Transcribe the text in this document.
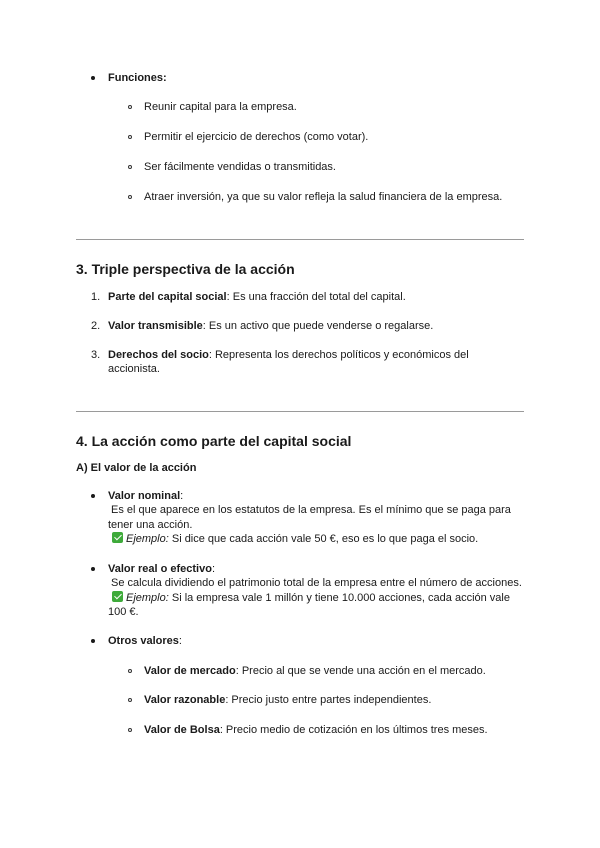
Funciones:
Reunir capital para la empresa.
Permitir el ejercicio de derechos (como votar).
Ser fácilmente vendidas o transmitidas.
Atraer inversión, ya que su valor refleja la salud financiera de la empresa.
3. Triple perspectiva de la acción
1. Parte del capital social: Es una fracción del total del capital.
2. Valor transmisible: Es un activo que puede venderse o regalarse.
3. Derechos del socio: Representa los derechos políticos y económicos del
accionista.
4. La acción como parte del capital social
A) El valor de la acción
Valor nominal:
Es el que aparece en los estatutos de la empresa. Es el mínimo que se paga para
tener una acción.
Ejemplo: Si dice que cada acción vale 50 €, eso es lo que paga el socio.
Valor real o efectivo:
Se calcula dividiendo el patrimonio total de la empresa entre el número de acciones.
Ejemplo: Si la empresa vale 1 millón y tiene 10.000 acciones, cada acción vale
100 €.
Otros valores:
Valor de mercado: Precio al que se vende una acción en el mercado.
Valor razonable: Precio justo entre partes independientes.
Valor de Bolsa: Precio medio de cotización en los últimos tres meses.
